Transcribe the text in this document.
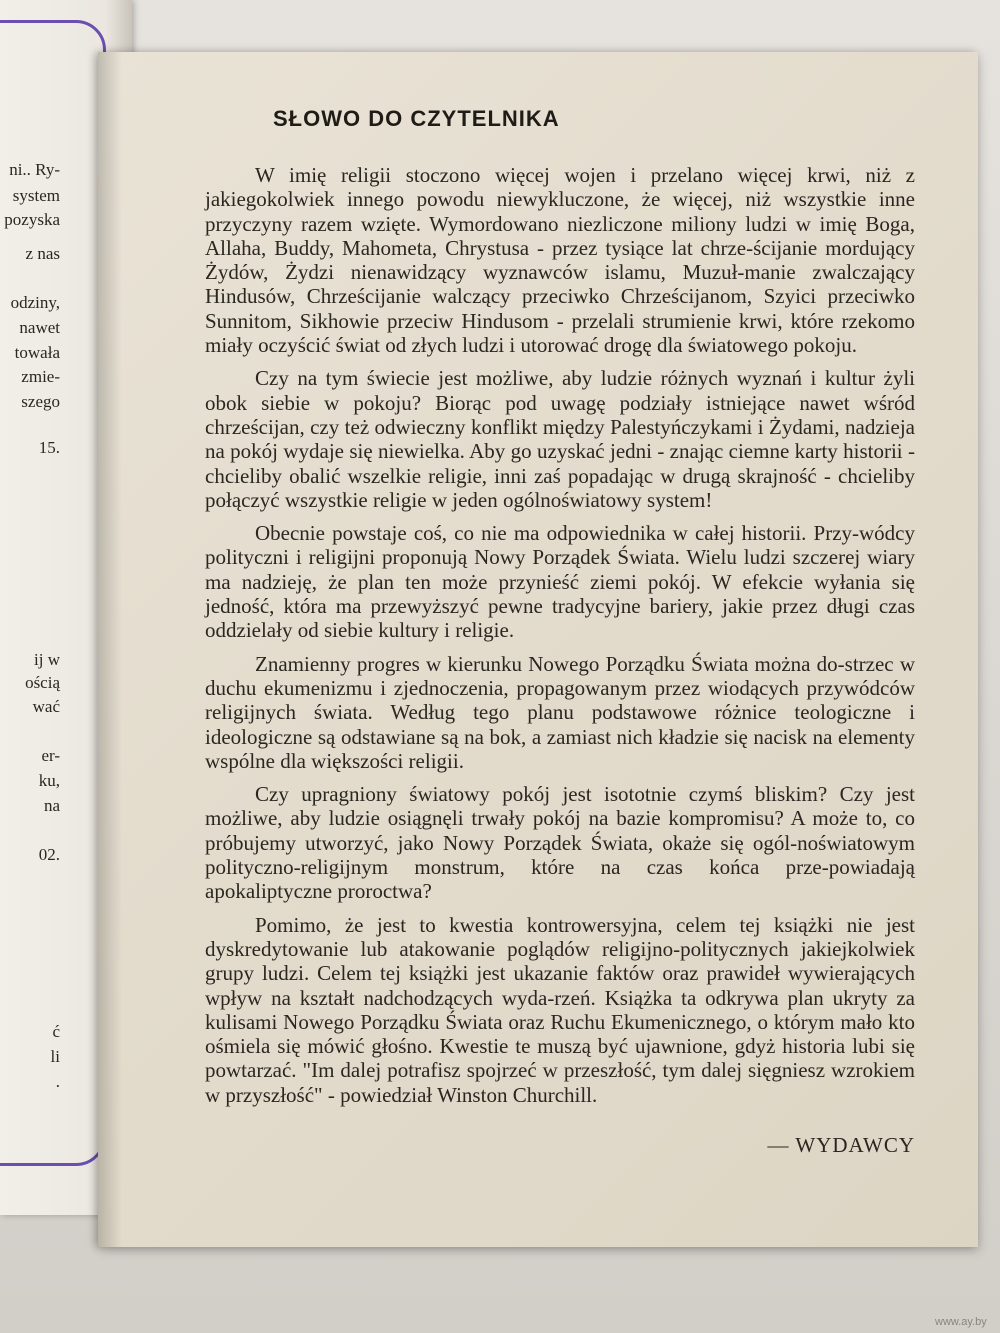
ni.. Ry-
system
pozyska
z nas
odziny,
nawet
towała
zmie-
szego
15.
ij w
ością
wać
er-
ku,
na
02.
ć
li
.
SŁOWO DO CZYTELNIKA

W imię religii stoczono więcej wojen i przelano więcej krwi, niż z jakiegokolwiek innego powodu niewykluczone, że więcej, niż wszystkie inne przyczyny razem wzięte. Wymordowano niezliczone miliony ludzi w imię Boga, Allaha, Buddy, Mahometa, Chrystusa - przez tysiące lat chrze-ścijanie mordujący Żydów, Żydzi nienawidzący wyznawców islamu, Muzuł-manie zwalczający Hindusów, Chrześcijanie walczący przeciwko Chrześcijanom, Szyici przeciwko Sunnitom, Sikhowie przeciw Hindusom - przelali strumienie krwi, które rzekomo miały oczyścić świat od złych ludzi i utorować drogę dla światowego pokoju.

Czy na tym świecie jest możliwe, aby ludzie różnych wyznań i kultur żyli obok siebie w pokoju? Biorąc pod uwagę podziały istniejące nawet wśród chrześcijan, czy też odwieczny konflikt między Palestyńczykami i Żydami, nadzieja na pokój wydaje się niewielka. Aby go uzyskać jedni - znając ciemne karty historii - chcieliby obalić wszelkie religie, inni zaś popadając w drugą skrajność - chcieliby połączyć wszystkie religie w jeden ogólnoświatowy system!

Obecnie powstaje coś, co nie ma odpowiednika w całej historii. Przy-wódcy polityczni i religijni proponują Nowy Porządek Świata. Wielu ludzi szczerej wiary ma nadzieję, że plan ten może przynieść ziemi pokój. W efekcie wyłania się jedność, która ma przewyższyć pewne tradycyjne bariery, jakie przez długi czas oddzielały od siebie kultury i religie.

Znamienny progres w kierunku Nowego Porządku Świata można do-strzec w duchu ekumenizmu i zjednoczenia, propagowanym przez wiodących przywódców religijnych świata. Według tego planu podstawowe różnice teologiczne i ideologiczne są odstawiane są na bok, a zamiast nich kładzie się nacisk na elementy wspólne dla większości religii.

Czy upragniony światowy pokój jest isototnie czymś bliskim? Czy jest możliwe, aby ludzie osiągnęli trwały pokój na bazie kompromisu? A może to, co próbujemy utworzyć, jako Nowy Porządek Świata, okaże się ogól-noświatowym polityczno-religijnym monstrum, które na czas końca prze-powiadają apokaliptyczne proroctwa?

Pomimo, że jest to kwestia kontrowersyjna, celem tej książki nie jest dyskredytowanie lub atakowanie poglądów religijno-politycznych jakiejkolwiek grupy ludzi. Celem tej książki jest ukazanie faktów oraz prawideł wywierających wpływ na kształt nadchodzących wyda-rzeń. Książka ta odkrywa plan ukryty za kulisami Nowego Porządku Świata oraz Ruchu Ekumenicznego, o którym mało kto ośmiela się mówić głośno. Kwestie te muszą być ujawnione, gdyż historia lubi się powtarzać. "Im dalej potrafisz spojrzeć w przeszłość, tym dalej sięgniesz wzrokiem w przyszłość" - powiedział Winston Churchill.

— WYDAWCY
www.ay.by
